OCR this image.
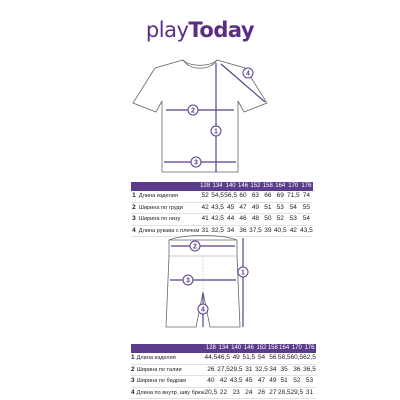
playToday
1
2
3
4
		128	134	140	146	152	158	164	170	176
1	Длина изделия	52	54,5	56,5	60	63	66	69	71,5	74
2	Ширина по груди	42	43,5	45	47	49	51	53	54	55
3	Ширина по низу	41	42,5	44	46	48	50	52	53	54
4	Длина рукава с плечом	31	32,5	34	36	37,5	39	40,5	42	43,5
1
2
3
4
		128	134	140	146	152	158	164	170	176
1	Длина изделия	44,5	46,5	49	51,5	54	56	58,5	60,5	62,5
2	Ширина по талии	26	27,5	29,5	31	32,5	34	35	36	36,5
3	Ширина по бедрам	40	42	43,5	45	47	49	51	52	53
4	Длина по внутр. шву брюк	20,5	22	23	24	26	27	28,5	29,5	31
